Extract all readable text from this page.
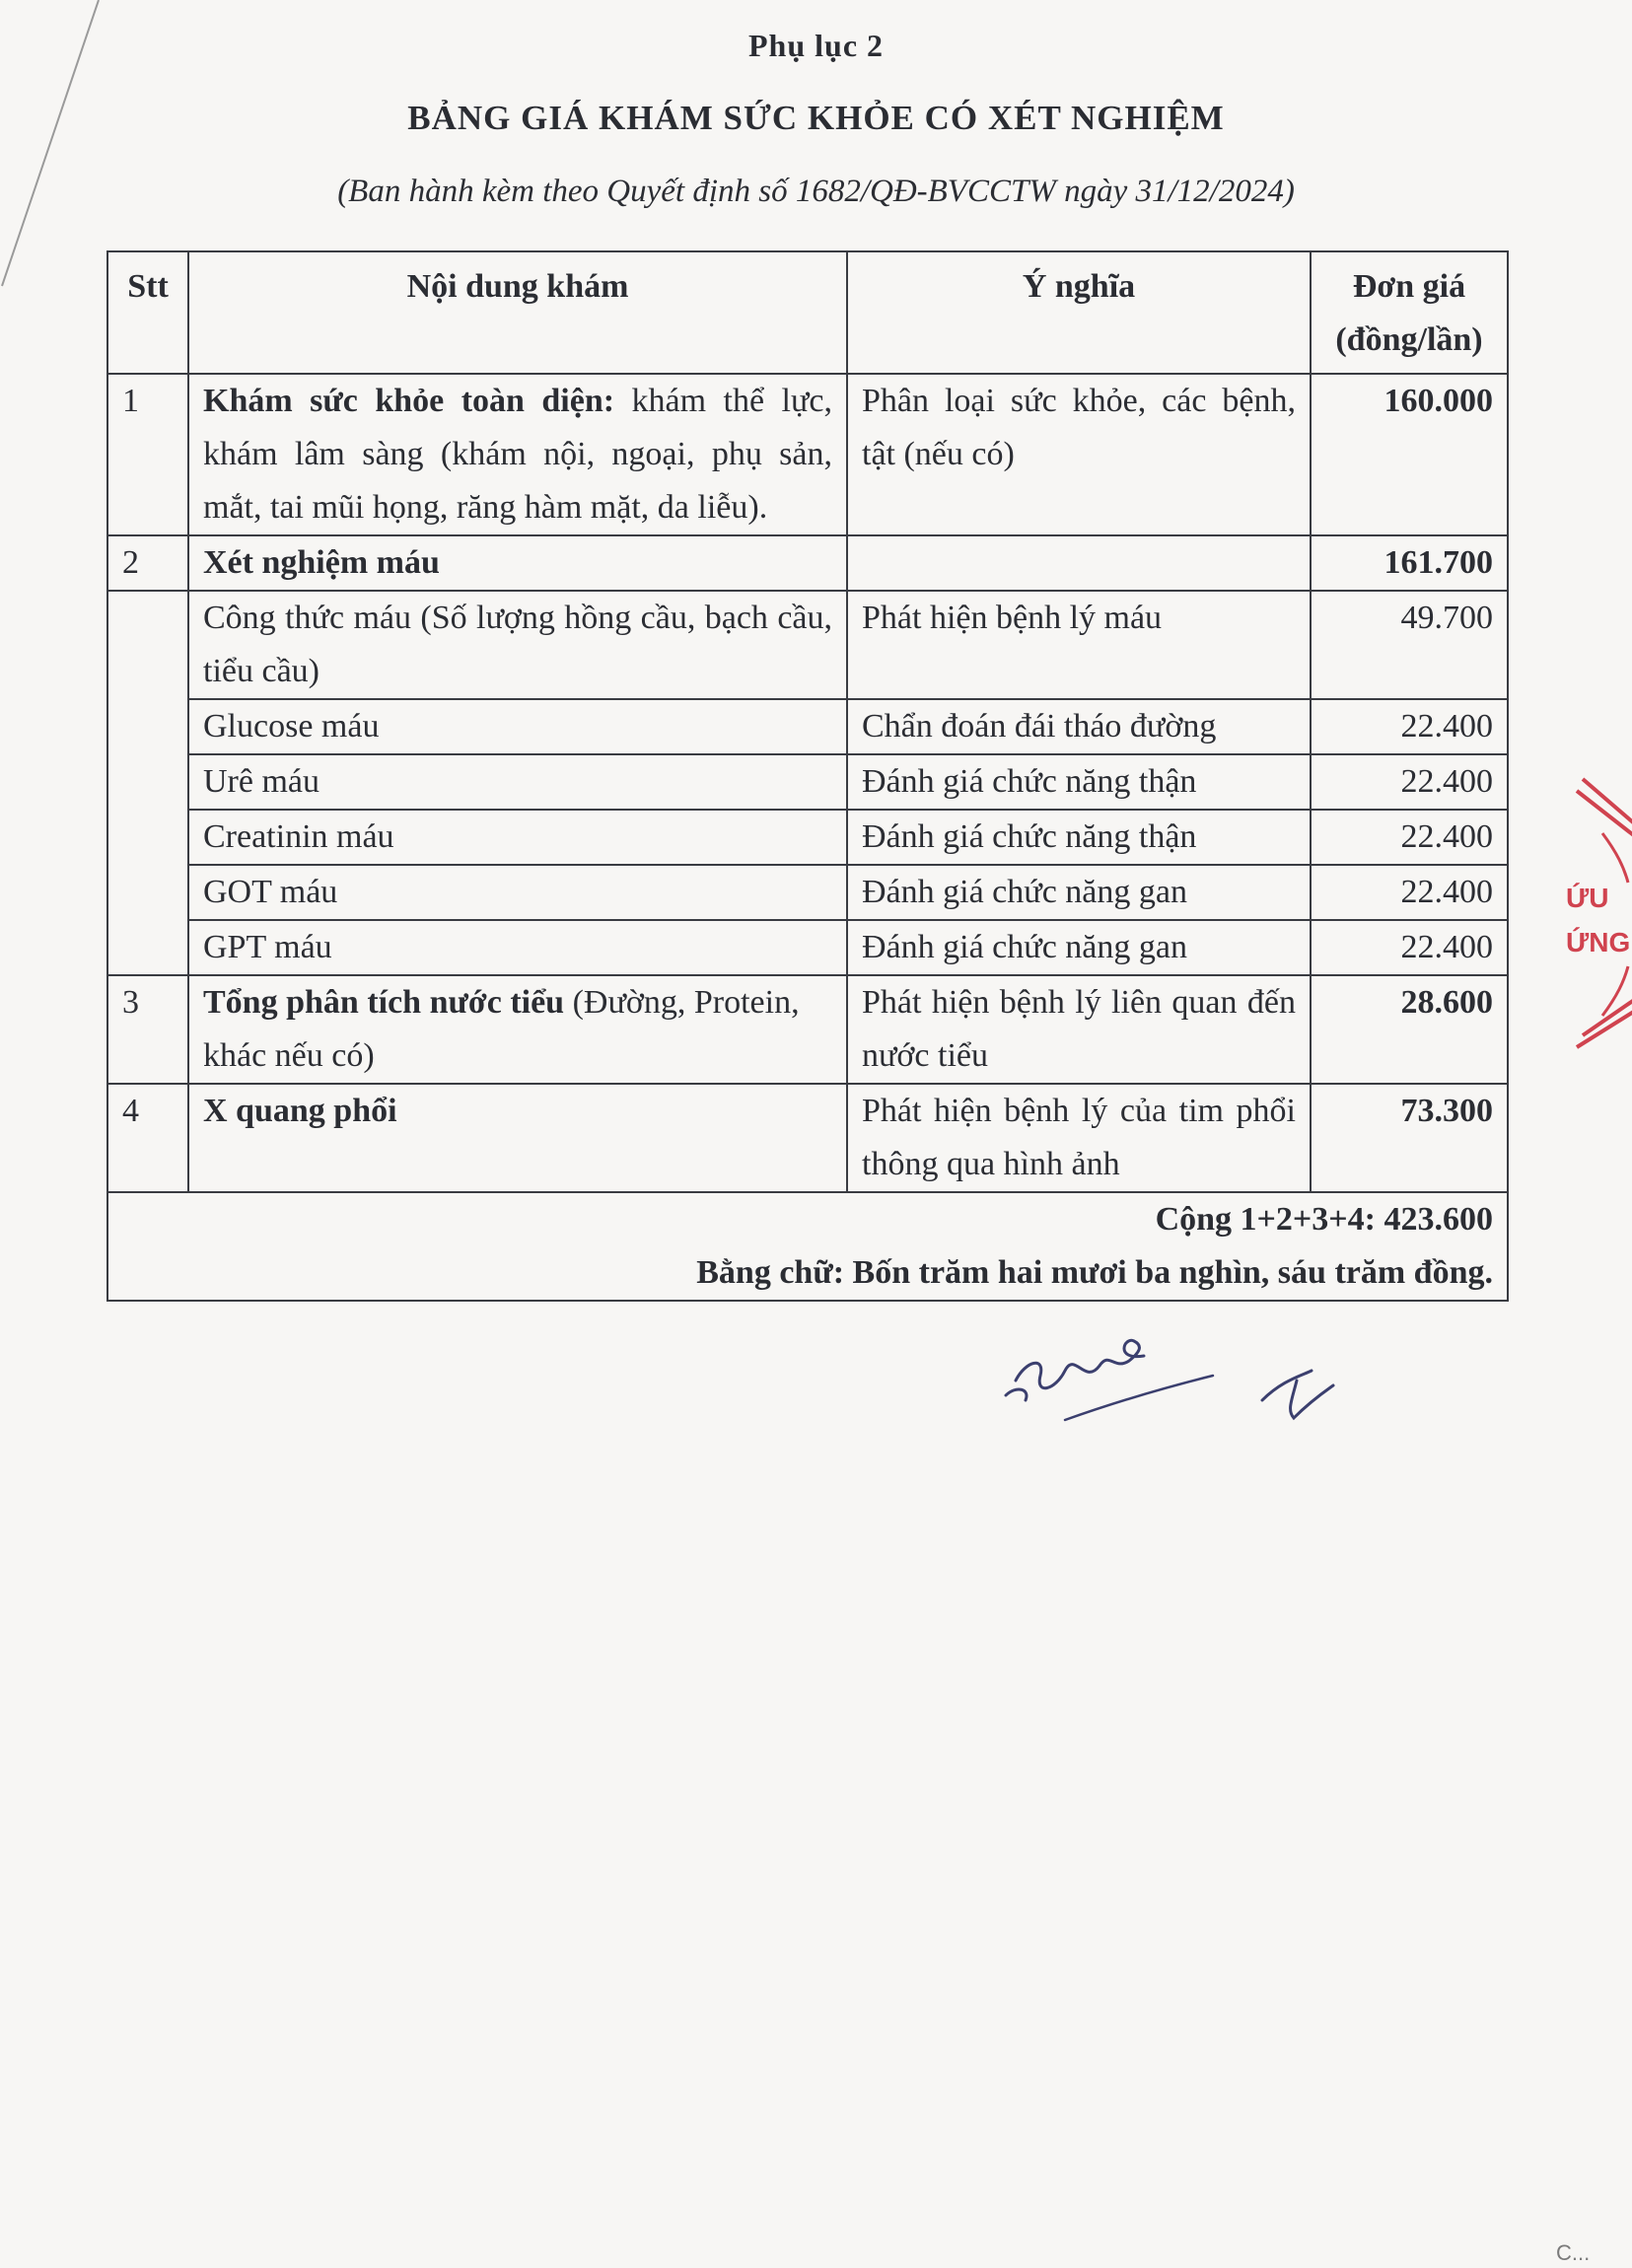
Phụ lục 2
BẢNG GIÁ KHÁM SỨC KHỎE CÓ XÉT NGHIỆM
(Ban hành kèm theo Quyết định số 1682/QĐ-BVCCTW ngày 31/12/2024)
Stt	Nội dung khám	Ý nghĩa	Đơn giá (đồng/lần)
1	Khám sức khỏe toàn diện: khám thể lực, khám lâm sàng (khám nội, ngoại, phụ sản, mắt, tai mũi họng, răng hàm mặt, da liễu).	Phân loại sức khỏe, các bệnh, tật (nếu có)	160.000
2	Xét nghiệm máu		161.700
	Công thức máu (Số lượng hồng cầu, bạch cầu, tiểu cầu)	Phát hiện bệnh lý máu	49.700
	Glucose máu	Chẩn đoán đái tháo đường	22.400
	Urê máu	Đánh giá chức năng thận	22.400
	Creatinin máu	Đánh giá chức năng thận	22.400
	GOT máu	Đánh giá chức năng gan	22.400
	GPT máu	Đánh giá chức năng gan	22.400
3	Tổng phân tích nước tiểu (Đường, Protein, khác nếu có)	Phát hiện bệnh lý liên quan đến nước tiểu	28.600
4	X quang phổi	Phát hiện bệnh lý của tim phổi thông qua hình ảnh	73.300

Cộng 1+2+3+4: 423.600
Bằng chữ: Bốn trăm hai mươi ba nghìn, sáu trăm đồng.			
ỨU
ỨNG
C...
